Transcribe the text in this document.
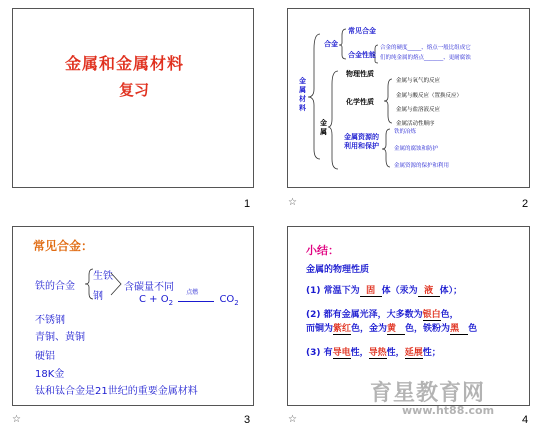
金属和金属材料
复习
1
金
属
材
料
合金
常见合金
合金性能
合金的硬度_____、熔点一般比组成它
们的纯金属的熔点_______、更耐腐蚀
金
属
物理性质
化学性质
金属与氧气的反应
金属与酸反应（置换反应）
金属与盐溶液反应
金属活动性顺序
金属资源的利用和保护
铁的冶炼
金属的腐蚀和防护
金属资源的保护和利用
☆	2
常见合金：
铁的合金
生铁
钢
含碳量不同
$C + O_2$
点燃
$CO_2$
不锈钢
青铜、黄铜
硬铝
18K金
钛和钛合金是21世纪的重要金属材料
☆	3
小结：
金属的物理性质
(1) 常温下为 固 体（汞为 液 体）；
(2) 都有金属光泽，大多数为银白色，
而铜为紫红色，金为黄 色，铁粉为黑 色
(3) 有导电性，导热性，延展性；
☆	4
育星教育网
www.ht88.com
